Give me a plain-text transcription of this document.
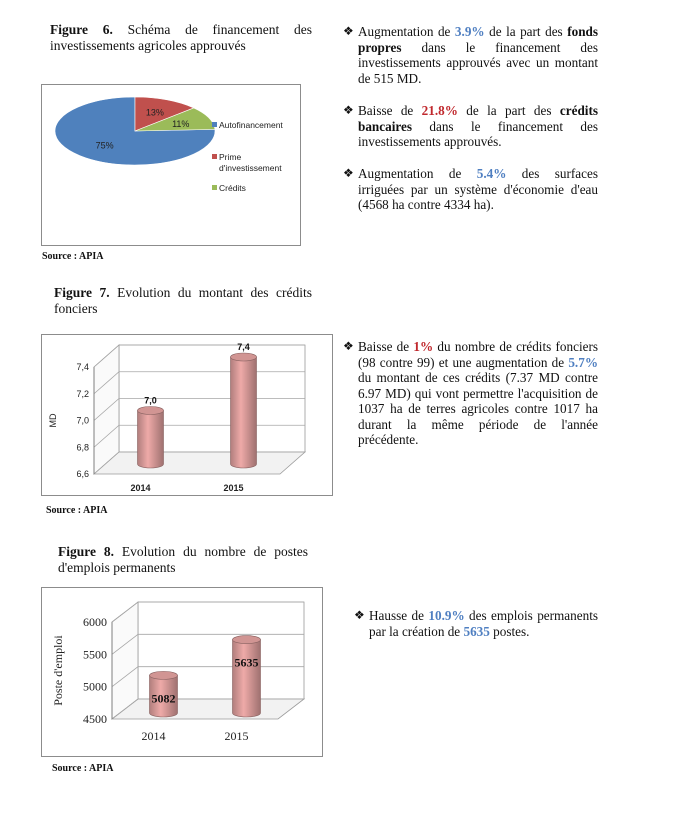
Figure 6. Schéma de financement des investissements agricoles approuvés
75%
13%
11%	Autofinancement
Prime
d'investissement
Crédits
Source : APIA
Figure 7. Evolution du montant des crédits fonciers
6,6
6,8
7,0
7,2
7,4
MD
7,0
2014
7,4
2015
Source : APIA
Figure 8. Evolution du nombre de postes d'emplois permanents
4500
5000
5500
6000
Poste d'emploi	5082
2014
5635
2015
Source : APIA
❖ Augmentation de 3.9% de la part des fonds propres dans le financement des investissements approuvés avec un montant de 515 MD.
❖ Baisse de 21.8% de la part des crédits bancaires dans le financement des investissements approuvés.
❖ Augmentation de 5.4% des surfaces irriguées par un système d'économie d'eau (4568 ha contre 4334 ha).
❖ Baisse de 1% du nombre de crédits fonciers (98 contre 99) et une augmentation de 5.7% du montant de ces crédits (7.37 MD contre 6.97 MD) qui vont permettre l'acquisition de 1037 ha de terres agricoles contre 1017 ha durant la même période de l'année précédente.
❖ Hausse de 10.9% des emplois permanents par la création de 5635 postes.
